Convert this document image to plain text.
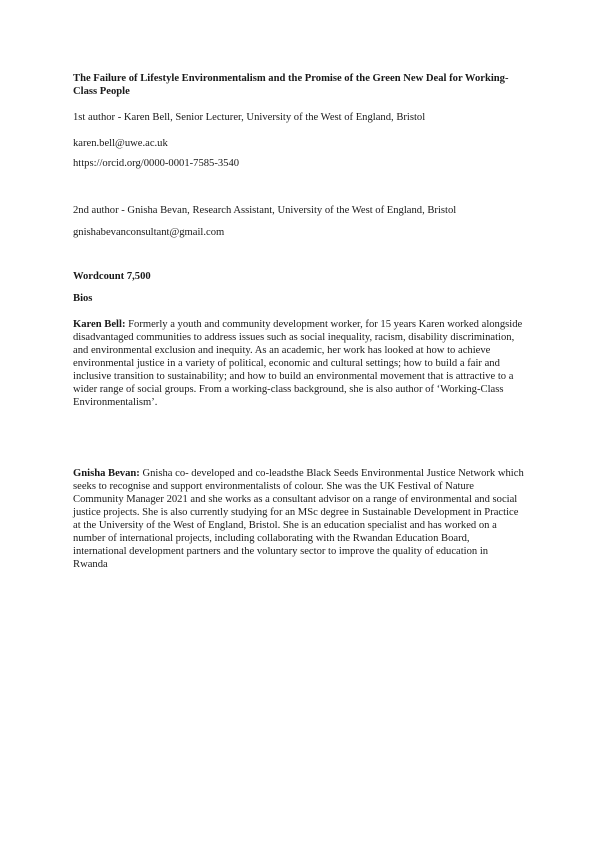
The Failure of Lifestyle Environmentalism and the Promise of the Green New Deal for Working-Class People

1st author - Karen Bell, Senior Lecturer, University of the West of England, Bristol

karen.bell@uwe.ac.uk

https://orcid.org/0000-0001-7585-3540

2nd author - Gnisha Bevan, Research Assistant, University of the West of England, Bristol

gnishabevanconsultant@gmail.com

Wordcount 7,500

Bios

Karen Bell: Formerly a youth and community development worker, for 15 years Karen worked alongside disadvantaged communities to address issues such as social inequality, racism, disability discrimination, and environmental exclusion and inequity. As an academic, her work has looked at how to achieve environmental justice in a variety of political, economic and cultural settings; how to build a fair and inclusive transition to sustainability; and how to build an environmental movement that is attractive to a wider range of social groups. From a working-class background, she is also author of ‘Working-Class Environmentalism’.

Gnisha Bevan: Gnisha co- developed and co-leadsthe Black Seeds Environmental Justice Network which seeks to recognise and support environmentalists of colour. She was the UK Festival of Nature Community Manager 2021 and she works as a consultant advisor on a range of environmental and social justice projects. She is also currently studying for an MSc degree in Sustainable Development in Practice at the University of the West of England, Bristol. She is an education specialist and has worked on a number of international projects, including collaborating with the Rwandan Education Board, international development partners and the voluntary sector to improve the quality of education in Rwanda
